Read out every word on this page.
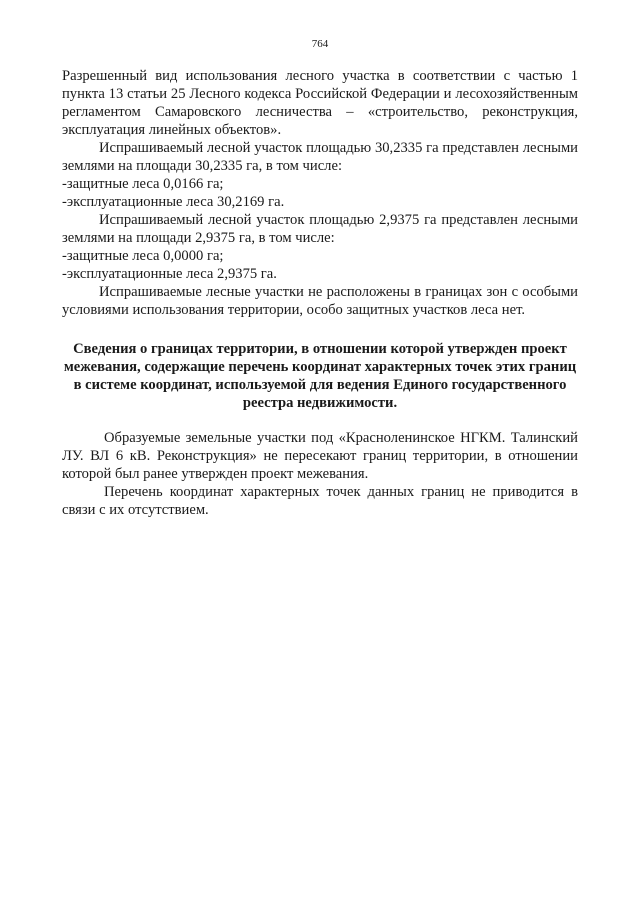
764

Разрешенный вид использования лесного участка в соответствии с частью 1 пункта 13 статьи 25 Лесного кодекса Российской Федерации и лесохозяйственным регламентом Самаровского лесничества – «строительство, реконструкция, эксплуатация линейных объектов».

Испрашиваемый лесной участок площадью 30,2335 га представлен лесными землями на площади 30,2335 га, в том числе:

-защитные леса 0,0166 га;

-эксплуатационные леса 30,2169 га.

Испрашиваемый лесной участок площадью 2,9375 га представлен лесными землями на площади 2,9375 га, в том числе:

-защитные леса 0,0000 га;

-эксплуатационные леса 2,9375 га.

Испрашиваемые лесные участки не расположены в границах зон с особыми условиями использования территории, особо защитных участков леса нет.

Сведения о границах территории, в отношении которой утвержден проект межевания, содержащие перечень координат характерных точек этих границ в системе координат, используемой для ведения Единого государственного реестра недвижимости.

Образуемые земельные участки под «Красноленинское НГКМ. Талинский ЛУ. ВЛ 6 кВ. Реконструкция» не пересекают границ территории, в отношении которой был ранее утвержден проект межевания.

Перечень координат характерных точек данных границ не приводится в связи с их отсутствием.
